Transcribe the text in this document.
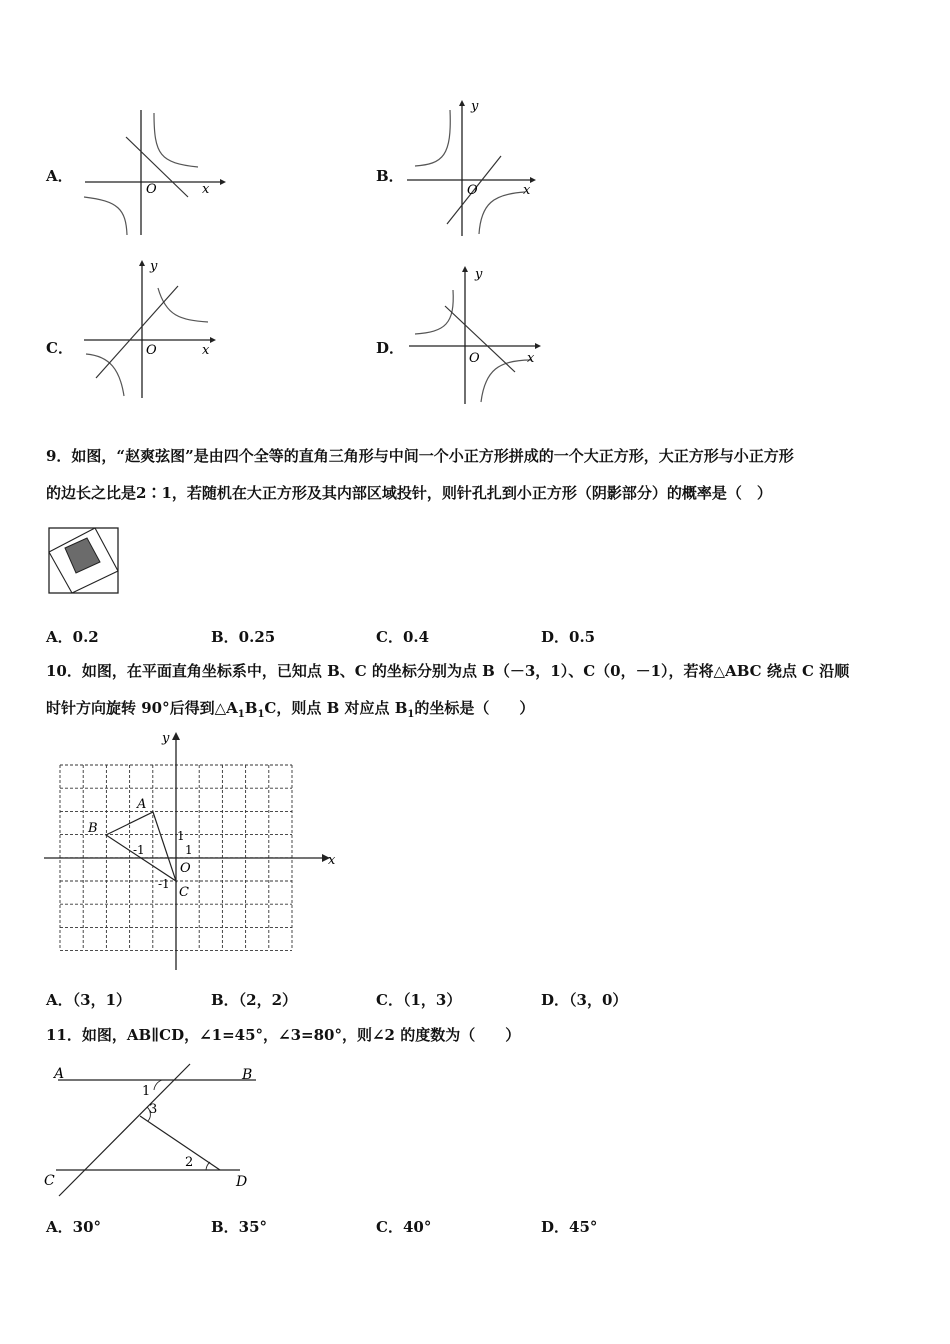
A．
O	x
B．
O	x
y
C．	O	x
y
D．
O	x
y
9．如图，“赵爽弦图”是由四个全等的直角三角形与中间一个小正方形拼成的一个大正方形，大正方形与小正方形
的边长之比是2∶1，若随机在大正方形及其内部区域投针，则针孔扎到小正方形（阴影部分）的概率是（　）
A．0.2	B．0.25	C．0.4	D．0.5
10．如图，在平面直角坐标系中，已知点 B、C 的坐标分别为点 B（－3，1）、C（0，－1），若将△ABC 绕点 C 沿顺
时针方向旋转 90°后得到$\triangle A_1B_1C$，则点 B 对应点 $B_1$的坐标是（　　）
A
B
C
O
1
-1
1
-1
x
y
A．（3，1）	B．（2，2）	C．（1，3）	D．（3，0）
11．如图，AB∥CD，∠1=45°，∠3=80°，则∠2 的度数为（　　）
A	B
C	D
1
3
2
A．30°	B．35°	C．40°	D．45°
